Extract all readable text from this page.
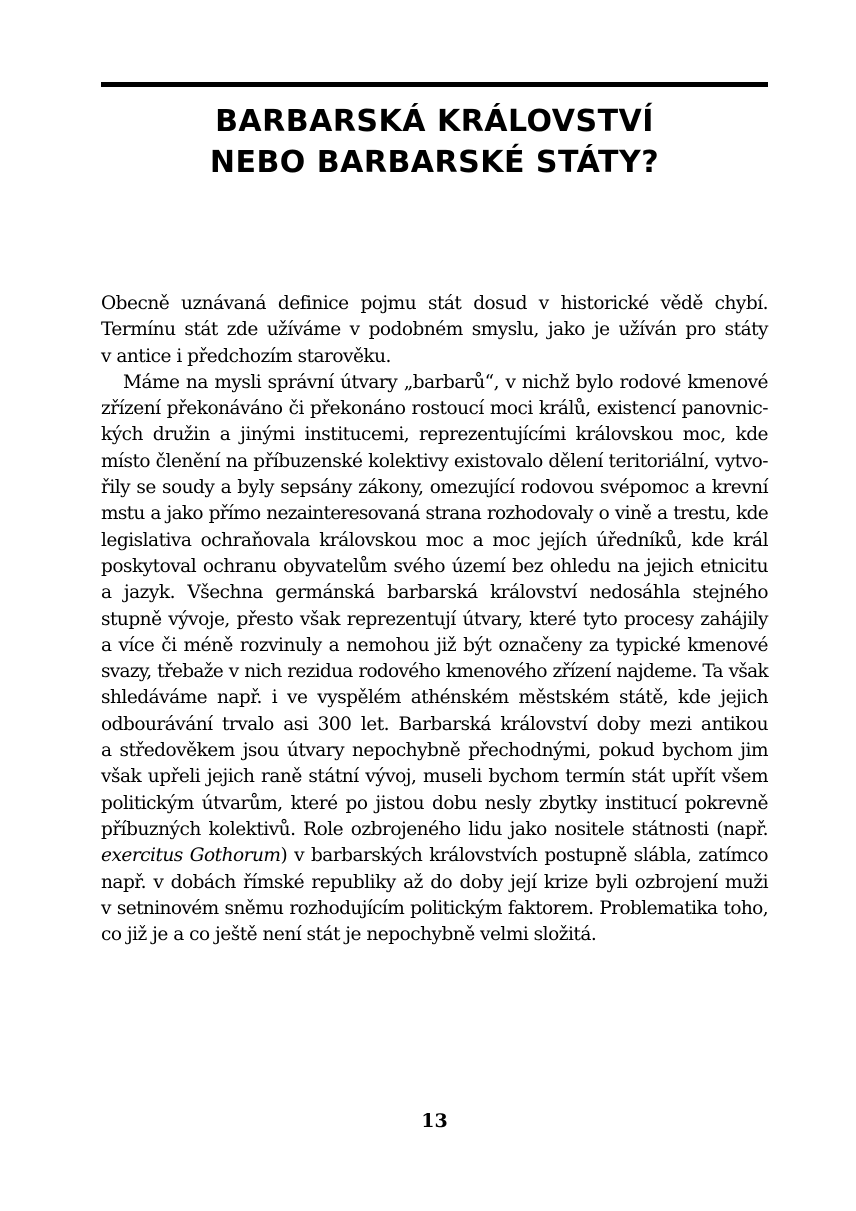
BARBARSKÁ KRÁLOVSTVÍ
NEBO BARBARSKÉ STÁTY?
Obecně uznávaná definice pojmu stát dosud v historické vědě chybí.
Termínu stát zde užíváme v podobném smyslu, jako je užíván pro státy
v antice i předchozím starověku.
Máme na mysli správní útvary „barbarů“, v nichž bylo rodové kmenové
zřízení překonáváno či překonáno rostoucí moci králů, existencí panovnic-
kých družin a jinými institucemi, reprezentujícími královskou moc, kde
místo členění na příbuzenské kolektivy existovalo dělení teritoriální, vytvo-
řily se soudy a byly sepsány zákony, omezující rodovou svépomoc a krevní
mstu a jako přímo nezainteresovaná strana rozhodovaly o vině a trestu, kde
legislativa ochraňovala královskou moc a moc jejích úředníků, kde král
poskytoval ochranu obyvatelům svého území bez ohledu na jejich etnicitu
a jazyk. Všechna germánská barbarská království nedosáhla stejného
stupně vývoje, přesto však reprezentují útvary, které tyto procesy zahájily
a více či méně rozvinuly a nemohou již být označeny za typické kmenové
svazy, třebaže v nich rezidua rodového kmenového zřízení najdeme. Ta však
shledáváme např. i ve vyspělém athénském městském státě, kde jejich
odbourávání trvalo asi 300 let. Barbarská království doby mezi antikou
a středověkem jsou útvary nepochybně přechodnými, pokud bychom jim
však upřeli jejich raně státní vývoj, museli bychom termín stát upřít všem
politickým útvarům, které po jistou dobu nesly zbytky institucí pokrevně
příbuzných kolektivů. Role ozbrojeného lidu jako nositele státnosti (např.
exercitus Gothorum) v barbarských královstvích postupně slábla, zatímco
např. v dobách římské republiky až do doby její krize byli ozbrojení muži
v setninovém sněmu rozhodujícím politickým faktorem. Problematika toho,
co již je a co ještě není stát je nepochybně velmi složitá.
13
